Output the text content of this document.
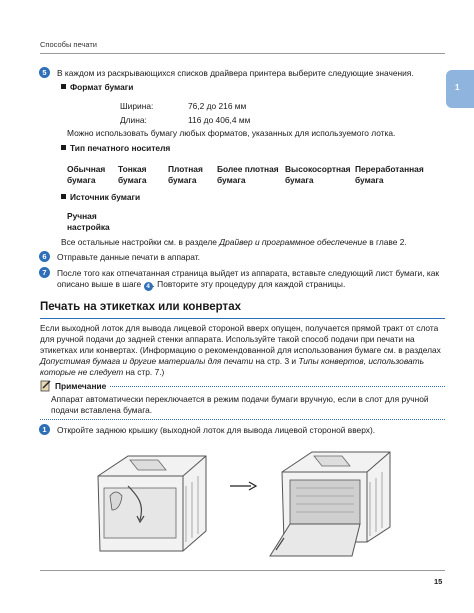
Способы печати
1
5	В каждом из раскрывающихся списков драйвера принтера выберите следующие значения.
Формат бумаги
Ширина:	76,2 до 216 мм
Длина:	116 до 406,4 мм
Можно использовать бумагу любых форматов, указанных для используемого лотка.
Тип печатного носителя
Обычная
бумага
Тонкая
бумага
Плотная
бумага
Более плотная
бумага
Высокосортная
бумага
Переработанная
бумага
Источник бумаги
Ручная
настройка
Все остальные настройки см. в разделе Драйвер и программное обеспечение в главе 2.
6	Отправьте данные печати в аппарат.
7	После того как отпечатанная страница выйдет из аппарата, вставьте следующий лист бумаги, как
описано выше в шаге 4 . Повторите эту процедуру для каждой страницы.
Печать на этикетках или конвертах
Если выходной лоток для вывода лицевой стороной вверх опущен, получается прямой тракт от слота
для ручной подачи до задней стенки аппарата. Используйте такой способ подачи при печати на
этикетках или конвертах. (Информацию о рекомендованной для использования бумаге см. в разделах
Допустимая бумага и другие материалы для печати на стр. 3 и Типы конвертов, использовать
которые не следует на стр. 7.)
Примечание
Аппарат автоматически переключается в режим подачи бумаги вручную, если в слот для ручной
подачи вставлена бумага.
1	Откройте заднюю крышку (выходной лоток для вывода лицевой стороной вверх).
15
